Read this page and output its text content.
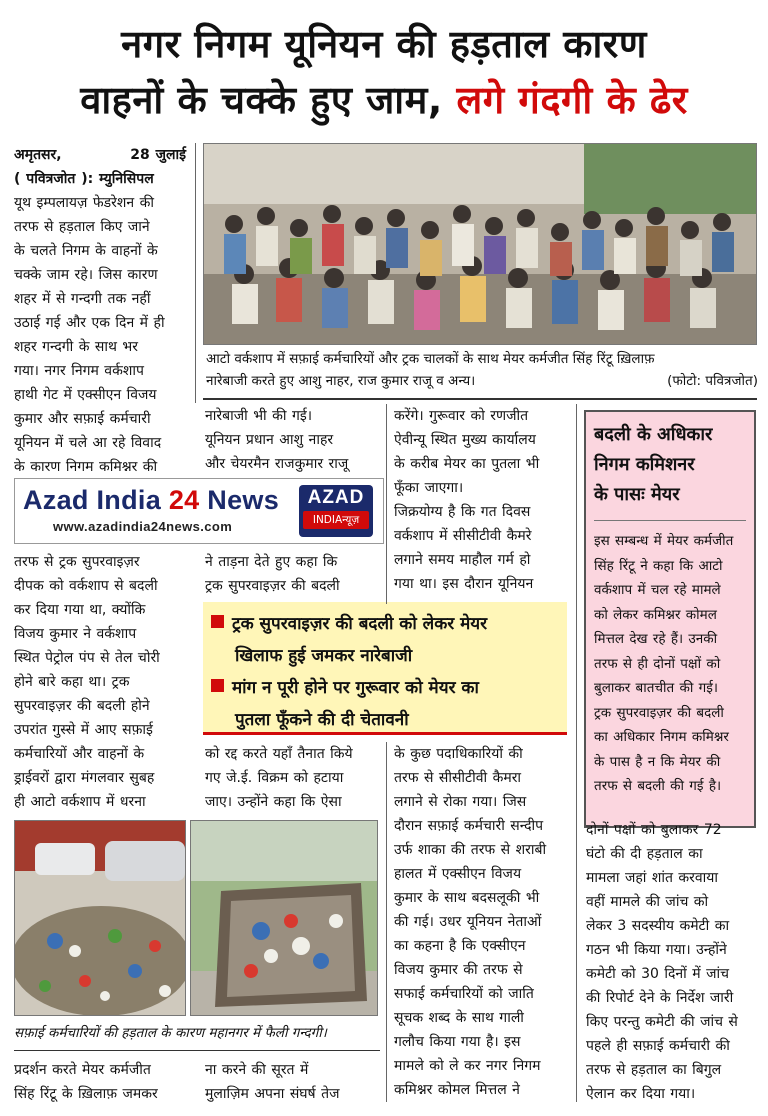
नगर निगम यूनियन की हड़ताल कारण
वाहनों के चक्के हुए जाम, लगे गंदगी के ढेर

अमृतसर,	28 जुलाई

( पवित्रजोत ): म्युनिसिपल

यूथ इम्पलायज़ फेडरेशन की

तरफ से हड़ताल किए जाने

के चलते निगम के वाहनों के

चक्के जाम रहे। जिस कारण

शहर में से गन्दगी तक नहीं

उठाई गई और एक दिन में ही

शहर गन्दगी के साथ भर

गया। नगर निगम वर्कशाप

हाथी गेट में एक्सीएन विजय

कुमार और सफ़ाई कर्मचारी

यूनियन में चले आ रहे विवाद

के कारण निगम कमिश्नर की

आटो वर्कशाप में सफ़ाई कर्मचारियों और ट्रक चालकों के साथ मेयर कर्मजीत सिंह रिंटू ख़िलाफ़

नारेबाजी करते हुए आशु नाहर, राज कुमार राजू व अन्य।	(फोटो: पवित्रजोत)

Azad India 24 News
www.azadindia24news.com
AZAD
INDIAन्यूज़

नारेबाजी भी की गई।

यूनियन प्रधान आशु नाहर

और चेयरमैन राजकुमार राजू

करेंगे। गुरूवार को रणजीत

ऐवीन्यू स्थित मुख्य कार्यालय

के करीब मेयर का पुतला भी

फूँका जाएगा।

जिक्रयोग्य है कि गत दिवस

वर्कशाप में सीसीटीवी कैमरे

लगाने समय माहौल गर्म हो

गया था। इस दौरान यूनियन

बदली के अधिकार

निगम कमिशनर

के पासः मेयर

इस सम्बन्ध में मेयर कर्मजीत

सिंह रिंटू ने कहा कि आटो

वर्कशाप में चल रहे मामले

को लेकर कमिश्नर कोमल

मित्तल देख रहे हैं। उनकी

तरफ से ही दोनों पक्षों को

बुलाकर बातचीत की गई।

ट्रक सुपरवाइज़र की बदली

का अधिकार निगम कमिश्नर

के पास है न कि मेयर की

तरफ से बदली की गई है।

तरफ से ट्रक सुपरवाइज़र

दीपक को वर्कशाप से बदली

कर दिया गया था, क्योंकि

विजय कुमार ने वर्कशाप

स्थित पेट्रोल पंप से तेल चोरी

होने बारे कहा था। ट्रक

सुपरवाइज़र की बदली होने

उपरांत गुस्से में आए सफ़ाई

कर्मचारियों और वाहनों के

ड्राईवरों द्वारा मंगलवार सुबह

ही आटो वर्कशाप में धरना

ने ताड़ना देते हुए कहा कि

ट्रक सुपरवाइज़र की बदली

ट्रक सुपरवाइज़र की बदली को लेकर मेयर
खिलाफ हुई जमकर नारेबाजी
मांग न पूरी होने पर गुरूवार को मेयर का
पुतला फूँकने की दी चेतावनी

को रद्द करते यहाँ तैनात किये

गए जे.ई. विक्रम को हटाया

जाए। उन्होंने कहा कि ऐसा

के कुछ पदाधिकारियों की

तरफ से सीसीटीवी कैमरा

लगाने से रोका गया। जिस

दौरान सफ़ाई कर्मचारी सन्दीप

उर्फ शाका की तरफ से शराबी

हालत में एक्सीएन विजय

कुमार के साथ बदसलूकी भी

की गई। उधर यूनियन नेताओं

का कहना है कि एक्सीएन

विजय कुमार की तरफ से

सफाई कर्मचारियों को जाति

सूचक शब्द के साथ गाली

गलौच किया गया है। इस

मामले को ले कर नगर निगम

कमिश्नर कोमल मित्तल ने

दोनों पक्षों को बुलाकर 72

घंटो की दी हड़ताल का

मामला जहां शांत करवाया

वहीं मामले की जांच को

लेकर 3 सदस्यीय कमेटी का

गठन भी किया गया। उन्होंने

कमेटी को 30 दिनों में जांच

की रिपोर्ट देने के निर्देश जारी

किए परन्तु कमेटी की जांच से

पहले ही सफ़ाई कर्मचारी की

तरफ से हड़ताल का बिगुल

ऐलान कर दिया गया।

सफ़ाई कर्मचारियों की हड़ताल के कारण महानगर में फैली गन्दगी।

प्रदर्शन करते मेयर कर्मजीत

सिंह रिंटू के ख़िलाफ़ जमकर

ना करने की सूरत में

मुलाज़िम अपना संघर्ष तेज
